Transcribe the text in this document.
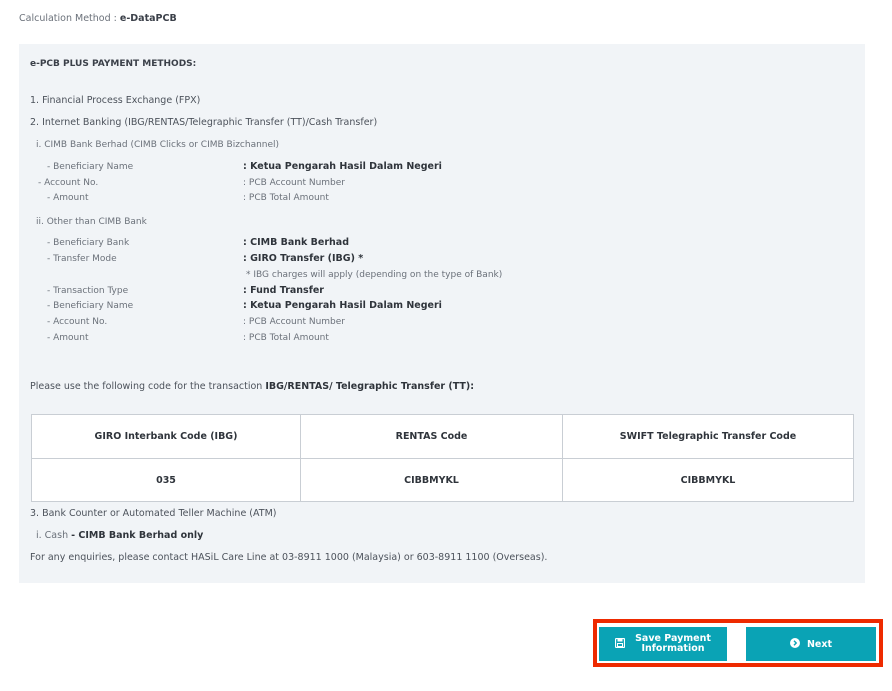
Calculation Method : e-DataPCB
e-PCB PLUS PAYMENT METHODS:
1. Financial Process Exchange (FPX)
2. Internet Banking (IBG/RENTAS/Telegraphic Transfer (TT)/Cash Transfer)
i. CIMB Bank Berhad (CIMB Clicks or CIMB Bizchannel)
- Beneficiary Name	: Ketua Pengarah Hasil Dalam Negeri
- Account No.	: PCB Account Number
- Amount	: PCB Total Amount
ii. Other than CIMB Bank
- Beneficiary Bank	: CIMB Bank Berhad
- Transfer Mode	: GIRO Transfer (IBG) *
* IBG charges will apply (depending on the type of Bank)
- Transaction Type	: Fund Transfer
- Beneficiary Name	: Ketua Pengarah Hasil Dalam Negeri
- Account No.	: PCB Account Number
- Amount	: PCB Total Amount
Please use the following code for the transaction IBG/RENTAS/ Telegraphic Transfer (TT):
GIRO Interbank Code (IBG)	RENTAS Code	SWIFT Telegraphic Transfer Code
035	CIBBMYKL	CIBBMYKL
3. Bank Counter or Automated Teller Machine (ATM)
i. Cash - CIMB Bank Berhad only
For any enquiries, please contact HASiL Care Line at 03-8911 1000 (Malaysia) or 603-8911 1100 (Overseas).
Save Payment
Information	Next
